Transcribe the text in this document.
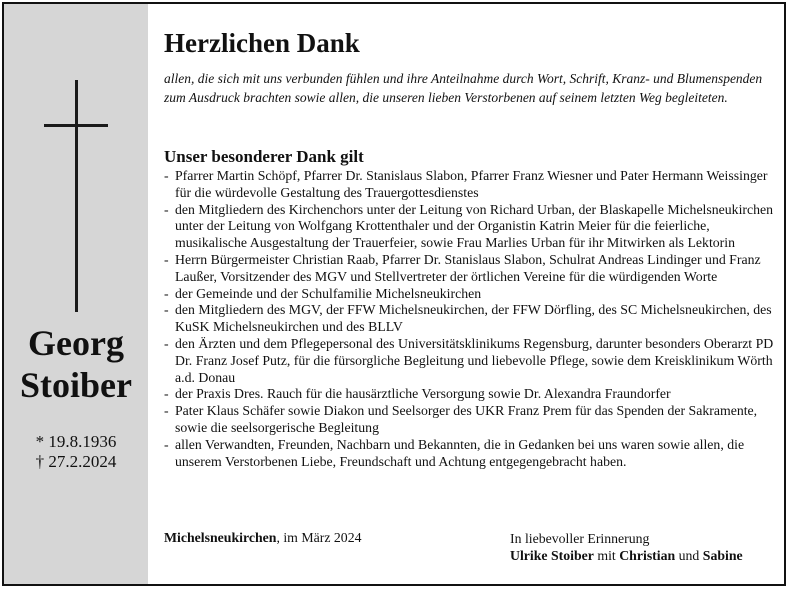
Georg
Stoiber
* 19.8.1936
† 27.2.2024
Herzlichen Dank
allen, die sich mit uns verbunden fühlen und ihre Anteilnahme durch Wort, Schrift, Kranz- und Blumenspenden zum Ausdruck brachten sowie allen, die unseren lieben Verstorbenen auf seinem letzten Weg begleiteten.
Unser besonderer Dank gilt
- Pfarrer Martin Schöpf, Pfarrer Dr. Stanislaus Slabon, Pfarrer Franz Wiesner und Pater Hermann Weissinger für die würdevolle Gestaltung des Trauergottesdienstes
- den Mitgliedern des Kirchenchors unter der Leitung von Richard Urban, der Blaskapelle Michelsneukirchen unter der Leitung von Wolfgang Krottenthaler und der Organistin Katrin Meier für die feierliche, musikalische Ausgestaltung der Trauerfeier, sowie Frau Marlies Urban für ihr Mitwirken als Lektorin
- Herrn Bürgermeister Christian Raab, Pfarrer Dr. Stanislaus Slabon, Schulrat Andreas Lindinger und Franz Laußer, Vorsitzender des MGV und Stellvertreter der örtlichen Vereine für die würdigenden Worte
- der Gemeinde und der Schulfamilie Michelsneukirchen
- den Mitgliedern des MGV, der FFW Michelsneukirchen, der FFW Dörfling, des SC Michelsneukirchen, des KuSK Michelsneukirchen und des BLLV
- den Ärzten und dem Pflegepersonal des Universitätsklinikums Regensburg, darunter besonders Oberarzt PD Dr. Franz Josef Putz, für die fürsorgliche Begleitung und liebevolle Pflege, sowie dem Kreisklinikum Wörth a.d. Donau
- der Praxis Dres. Rauch für die hausärztliche Versorgung sowie Dr. Alexandra Fraundorfer
- Pater Klaus Schäfer sowie Diakon und Seelsorger des UKR Franz Prem für das Spenden der Sakramente, sowie die seelsorgerische Begleitung
- allen Verwandten, Freunden, Nachbarn und Bekannten, die in Gedanken bei uns waren sowie allen, die unserem Verstorbenen Liebe, Freundschaft und Achtung entgegengebracht haben.
Michelsneukirchen, im März 2024	In liebevoller Erinnerung
Ulrike Stoiber mit Christian und Sabine
